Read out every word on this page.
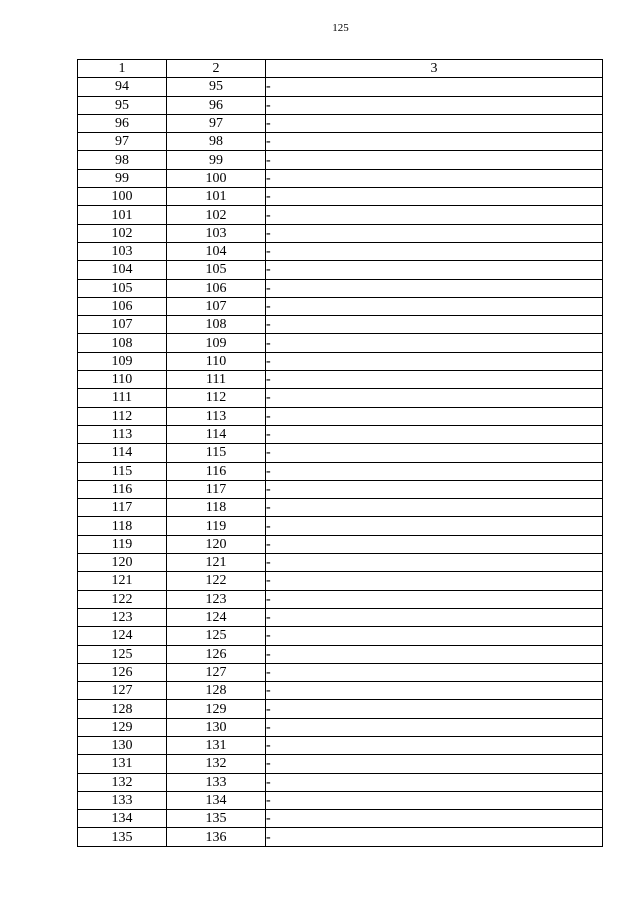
125
1	2	3
94	95	-
95	96	-
96	97	-
97	98	-
98	99	-
99	100	-
100	101	-
101	102	-
102	103	-
103	104	-
104	105	-
105	106	-
106	107	-
107	108	-
108	109	-
109	110	-
110	111	-
111	112	-
112	113	-
113	114	-
114	115	-
115	116	-
116	117	-
117	118	-
118	119	-
119	120	-
120	121	-
121	122	-
122	123	-
123	124	-
124	125	-
125	126	-
126	127	-
127	128	-
128	129	-
129	130	-
130	131	-
131	132	-
132	133	-
133	134	-
134	135	-
135	136	-
